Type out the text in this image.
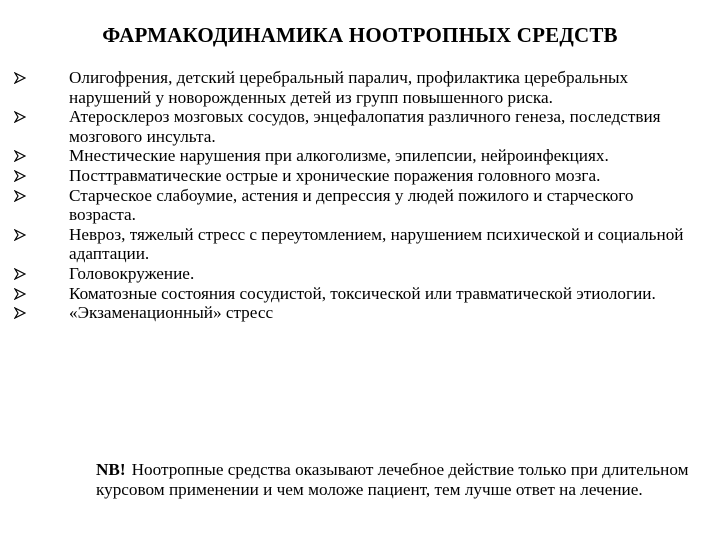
ФАРМАКОДИНАМИКА НООТРОПНЫХ СРЕДСТВ
Олигофрения, детский церебральный паралич, профилактика церебральных нарушений у новорожденных детей из групп повышенного риска.
Атеросклероз мозговых сосудов, энцефалопатия различного генеза, последствия мозгового инсульта.
Мнестические нарушения при алкоголизме, эпилепсии, нейроинфекциях.
Посттравматические острые и хронические поражения головного мозга.
Старческое слабоумие, астения и депрессия у людей пожилого и старческого возраста.
Невроз, тяжелый стресс с переутомлением, нарушением психической и социальной адаптации.
Головокружение.
Коматозные состояния сосудистой, токсической или травматической этиологии.
«Экзаменационный» стресс
NB! Ноотропные средства оказывают лечебное действие только при длительном курсовом применении и чем моложе пациент, тем лучше ответ на лечение.
